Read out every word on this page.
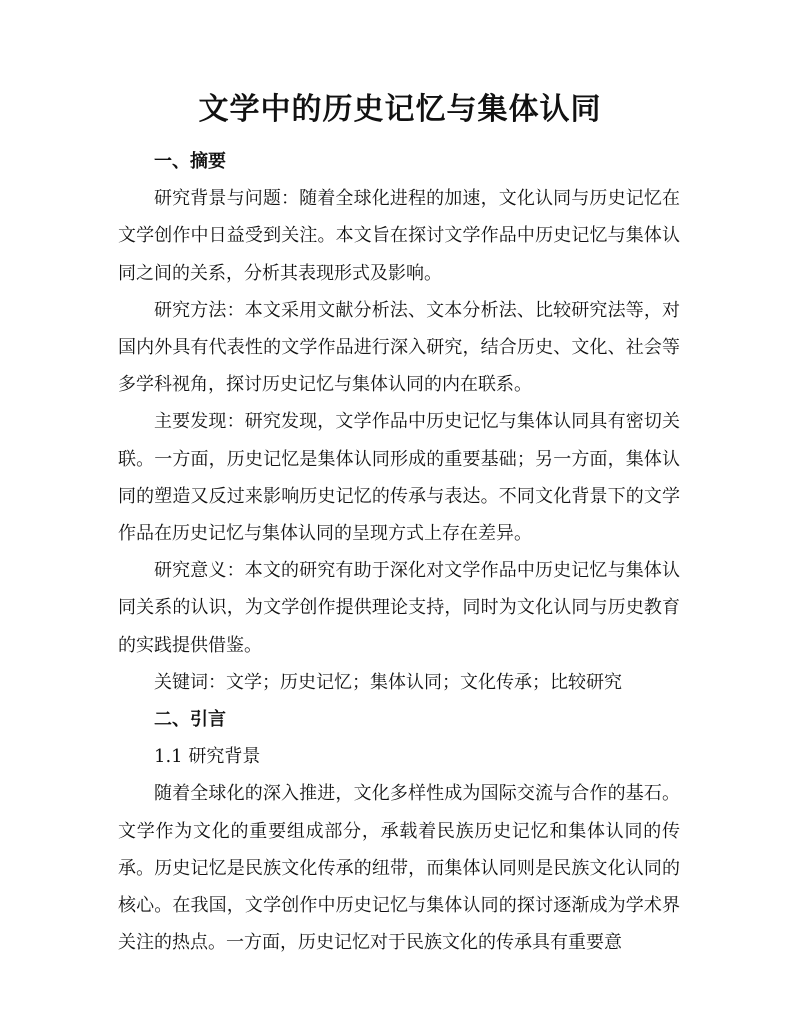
文学中的历史记忆与集体认同
一、摘要

研究背景与问题：随着全球化进程的加速，文化认同与历史记忆在文学创作中日益受到关注。本文旨在探讨文学作品中历史记忆与集体认同之间的关系，分析其表现形式及影响。

研究方法：本文采用文献分析法、文本分析法、比较研究法等，对国内外具有代表性的文学作品进行深入研究，结合历史、文化、社会等多学科视角，探讨历史记忆与集体认同的内在联系。

主要发现：研究发现，文学作品中历史记忆与集体认同具有密切关联。一方面，历史记忆是集体认同形成的重要基础；另一方面，集体认同的塑造又反过来影响历史记忆的传承与表达。不同文化背景下的文学作品在历史记忆与集体认同的呈现方式上存在差异。

研究意义：本文的研究有助于深化对文学作品中历史记忆与集体认同关系的认识，为文学创作提供理论支持，同时为文化认同与历史教育的实践提供借鉴。

关键词：文学；历史记忆；集体认同；文化传承；比较研究

二、引言

1.1 研究背景

随着全球化的深入推进，文化多样性成为国际交流与合作的基石。文学作为文化的重要组成部分，承载着民族历史记忆和集体认同的传承。历史记忆是民族文化传承的纽带，而集体认同则是民族文化认同的核心。在我国，文学创作中历史记忆与集体认同的探讨逐渐成为学术界关注的热点。一方面，历史记忆对于民族文化的传承具有重要意
